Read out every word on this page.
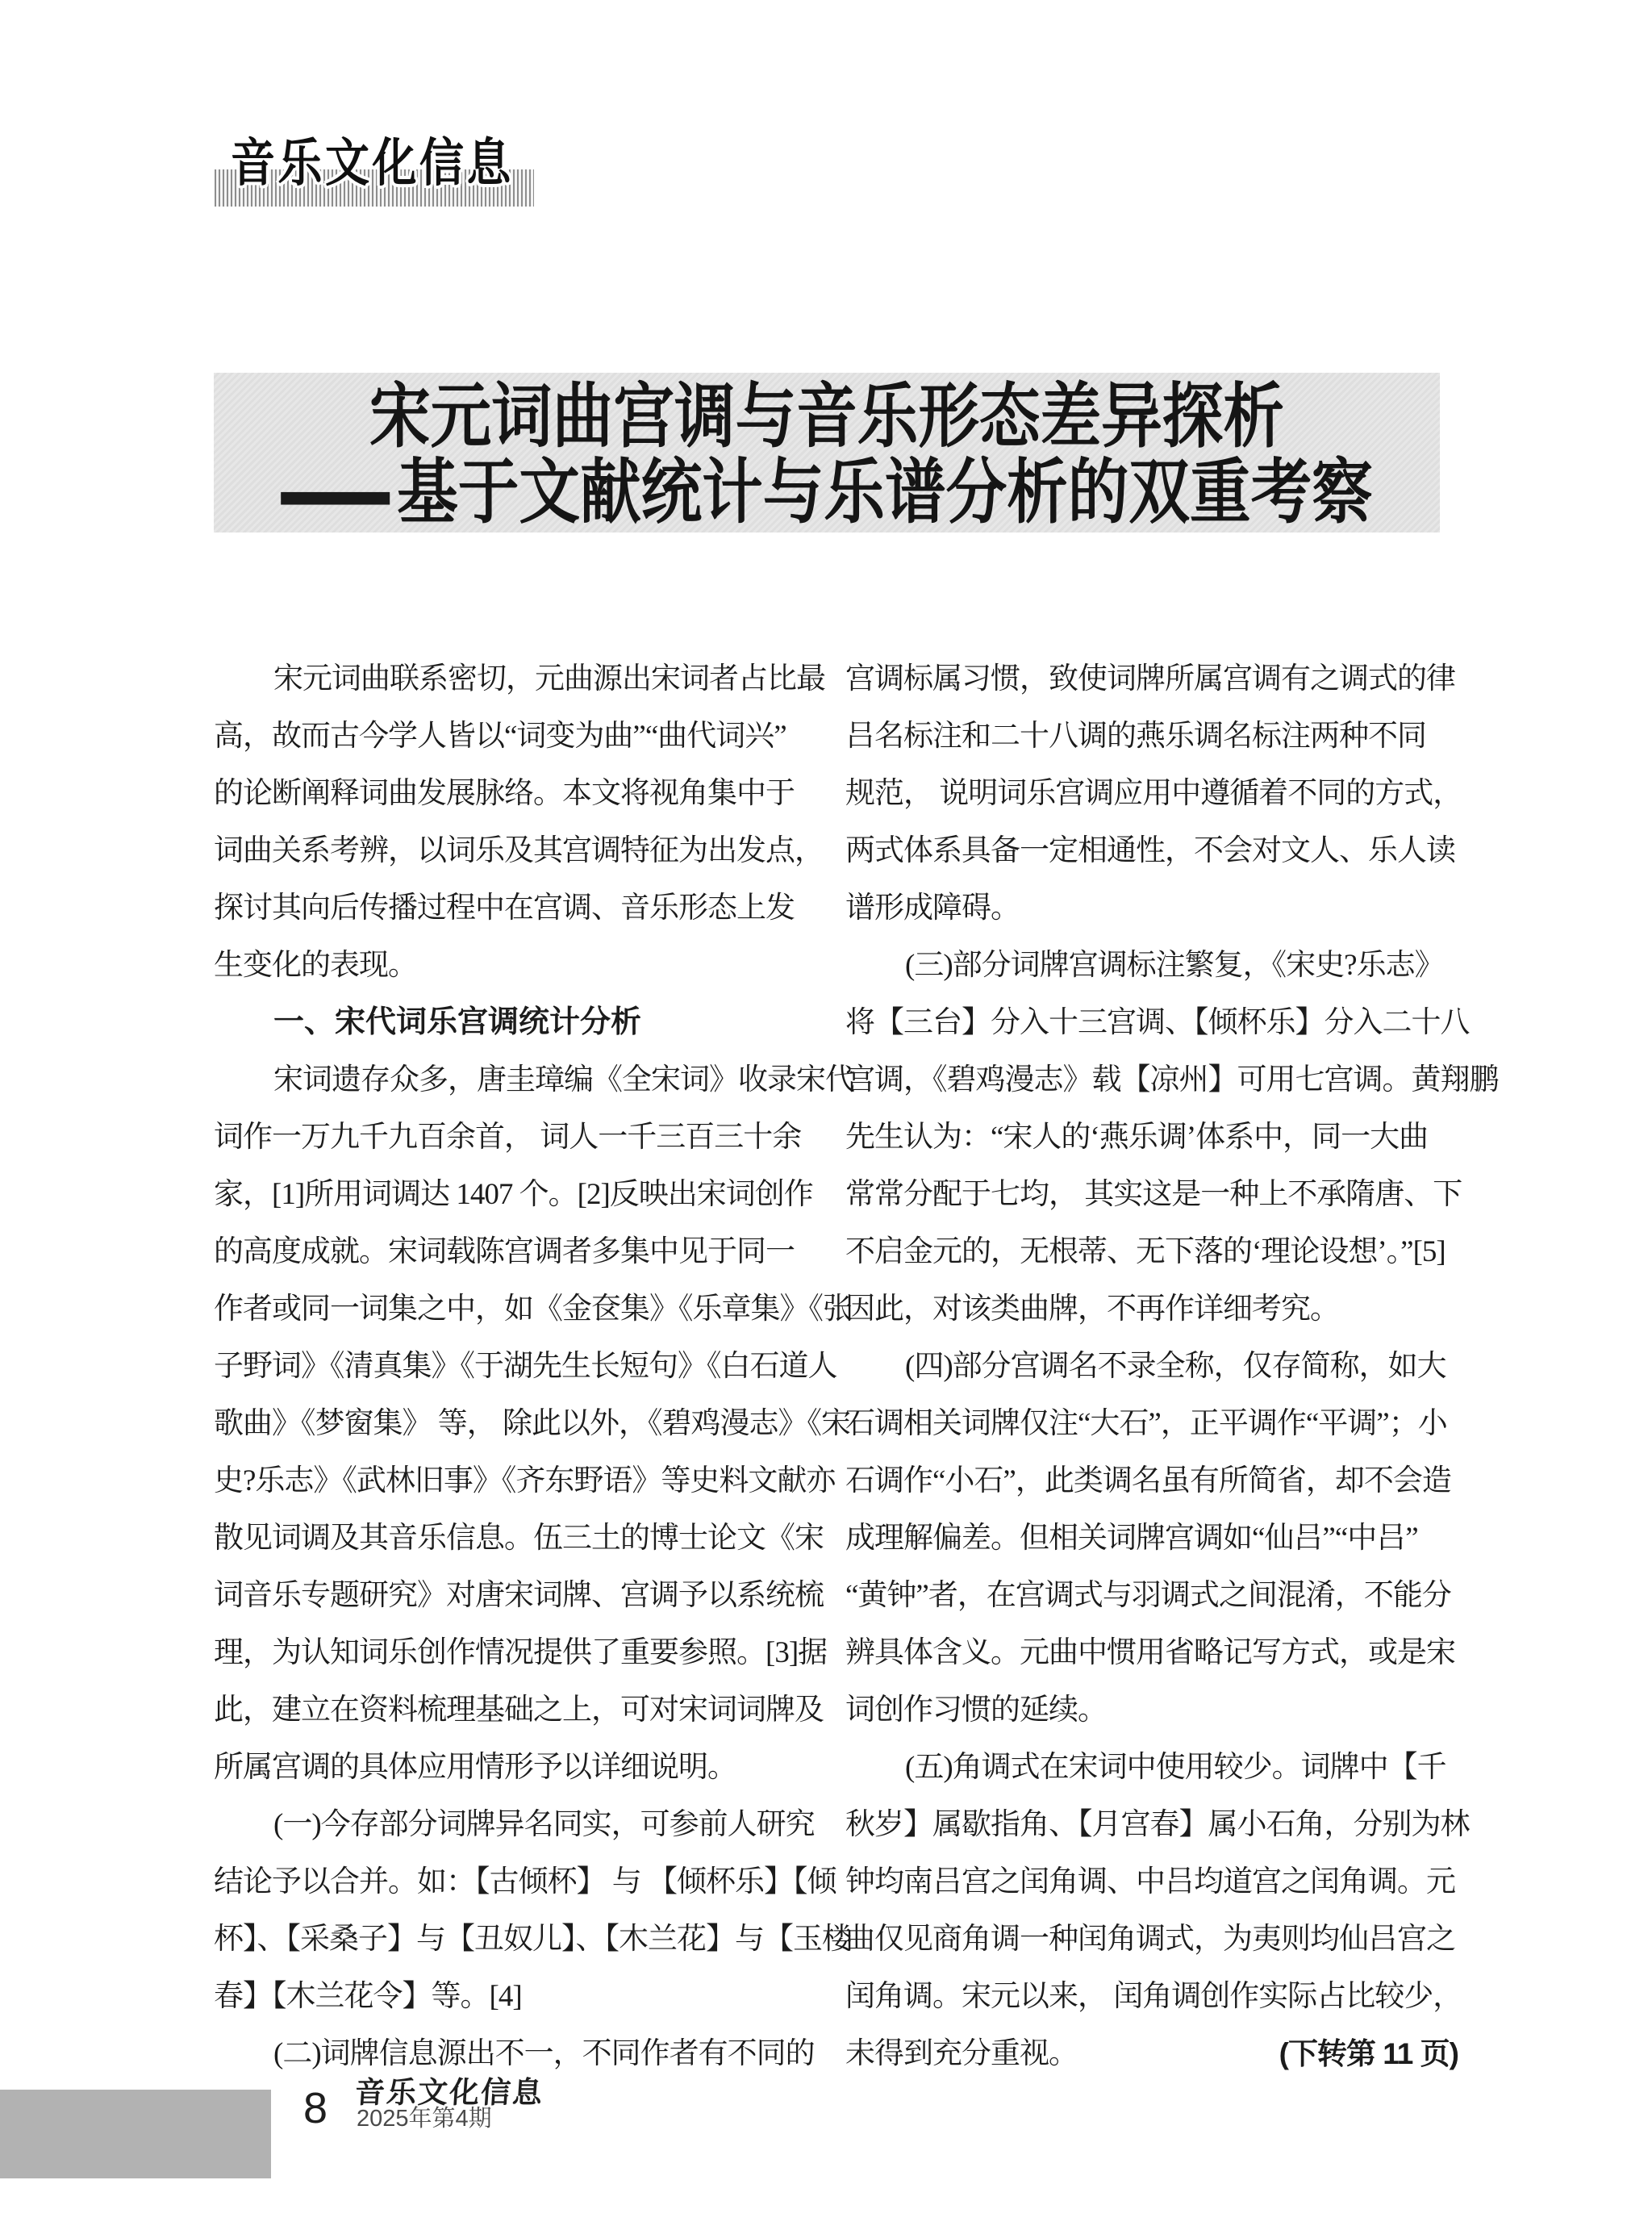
音乐文化信息
宋元词曲宫调与音乐形态差异探析
基于文献统计与乐谱分析的双重考察
宋元词曲联系密切，元曲源出宋词者占比最
高，故而古今学人皆以“词变为曲”“曲代词兴”
的论断阐释词曲发展脉络。本文将视角集中于
词曲关系考辨，以词乐及其宫调特征为出发点，
探讨其向后传播过程中在宫调、音乐形态上发
生变化的表现。
一、宋代词乐宫调统计分析
宋词遗存众多，唐圭璋编《全宋词》收录宋代
词作一万九千九百余首， 词人一千三百三十余
家，[1]所用词调达 1407 个。[2]反映出宋词创作
的高度成就。宋词载陈宫调者多集中见于同一
作者或同一词集之中，如《金奁集》《乐章集》《张
子野词》《清真集》《于湖先生长短句》《白石道人
歌曲》《梦窗集》 等， 除此以外，《碧鸡漫志》《宋
史?乐志》《武林旧事》《齐东野语》等史料文献亦
散见词调及其音乐信息。伍三土的博士论文《宋
词音乐专题研究》对唐宋词牌、宫调予以系统梳
理，为认知词乐创作情况提供了重要参照。[3]据
此，建立在资料梳理基础之上，可对宋词词牌及
所属宫调的具体应用情形予以详细说明。
(一)今存部分词牌异名同实，可参前人研究
结论予以合并。如：【古倾杯】 与 【倾杯乐】【倾
杯】、【采桑子】与【丑奴儿】、【木兰花】与【玉楼
春】【木兰花令】等。[4]
(二)词牌信息源出不一，不同作者有不同的
宫调标属习惯，致使词牌所属宫调有之调式的律
吕名标注和二十八调的燕乐调名标注两种不同
规范， 说明词乐宫调应用中遵循着不同的方式，
两式体系具备一定相通性，不会对文人、乐人读
谱形成障碍。
(三)部分词牌宫调标注繁复，《宋史?乐志》
将【三台】分入十三宫调、【倾杯乐】分入二十八
宫调，《碧鸡漫志》载【凉州】可用七宫调。黄翔鹏
先生认为：“宋人的‘燕乐调’体系中，同一大曲
常常分配于七均， 其实这是一种上不承隋唐、下
不启金元的，无根蒂、无下落的‘理论设想’。”[5]
因此，对该类曲牌，不再作详细考究。
(四)部分宫调名不录全称，仅存简称，如大
石调相关词牌仅注“大石”，正平调作“平调”；小
石调作“小石”，此类调名虽有所简省，却不会造
成理解偏差。但相关词牌宫调如“仙吕”“中吕”
“黄钟”者，在宫调式与羽调式之间混淆，不能分
辨具体含义。元曲中惯用省略记写方式，或是宋
词创作习惯的延续。
(五)角调式在宋词中使用较少。词牌中【千
秋岁】属歇指角、【月宫春】属小石角，分别为林
钟均南吕宫之闰角调、中吕均道宫之闰角调。元
曲仅见商角调一种闰角调式，为夷则均仙吕宫之
闰角调。宋元以来， 闰角调创作实际占比较少，
未得到充分重视。	(下转第 11 页)
8 音乐文化信息
2025年第4期
